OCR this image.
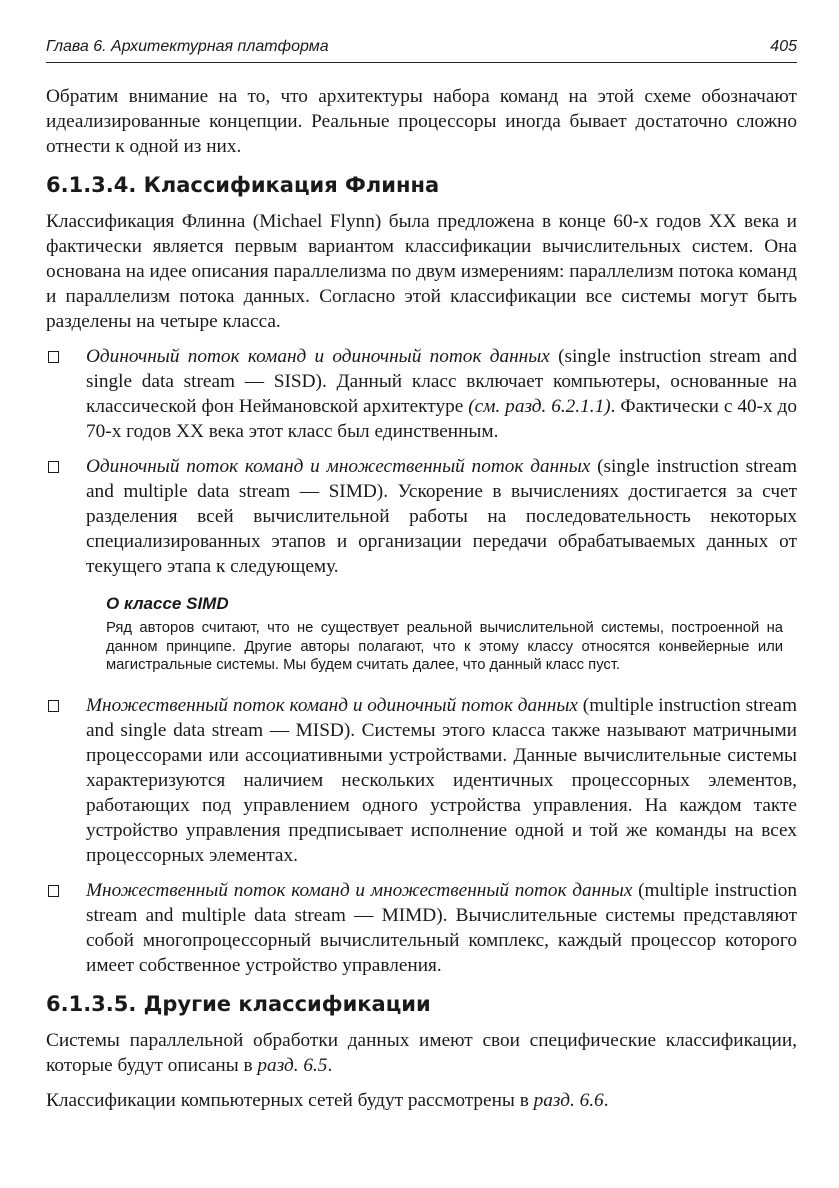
Глава 6. Архитектурная платформа	405

Обратим внимание на то, что архитектуры набора команд на этой схеме обозначают идеализированные концепции. Реальные процессоры иногда бывает достаточно сложно отнести к одной из них.

6.1.3.4. Классификация Флинна

Классификация Флинна (Michael Flynn) была предложена в конце 60-х годов XX века и фактически является первым вариантом классификации вычислительных систем. Она основана на идее описания параллелизма по двум измерениям: параллелизм потока команд и параллелизм потока данных. Согласно этой классификации все системы могут быть разделены на четыре класса.

Одиночный поток команд и одиночный поток данных (single instruction stream and single data stream — SISD). Данный класс включает компьютеры, основанные на классической фон Неймановской архитектуре (см. разд. 6.2.1.1). Фактически с 40-х до 70-х годов XX века этот класс был единственным.
Одиночный поток команд и множественный поток данных (single instruction stream and multiple data stream — SIMD). Ускорение в вычислениях достигается за счет разделения всей вычислительной работы на последовательность некоторых специализированных этапов и организации передачи обрабатываемых данных от текущего этапа к следующему.
О классе SIMD
Ряд авторов считают, что не существует реальной вычислительной системы, построенной на данном принципе. Другие авторы полагают, что к этому классу относятся конвейерные или магистральные системы. Мы будем считать далее, что данный класс пуст.
Множественный поток команд и одиночный поток данных (multiple instruction stream and single data stream — MISD). Системы этого класса также называют матричными процессорами или ассоциативными устройствами. Данные вычислительные системы характеризуются наличием нескольких идентичных процессорных элементов, работающих под управлением одного устройства управления. На каждом такте устройство управления предписывает исполнение одной и той же команды на всех процессорных элементах.
Множественный поток команд и множественный поток данных (multiple instruction stream and multiple data stream — MIMD). Вычислительные системы представляют собой многопроцессорный вычислительный комплекс, каждый процессор которого имеет собственное устройство управления.
6.1.3.5. Другие классификации

Системы параллельной обработки данных имеют свои специфические классификации, которые будут описаны в разд. 6.5.

Классификации компьютерных сетей будут рассмотрены в разд. 6.6.
